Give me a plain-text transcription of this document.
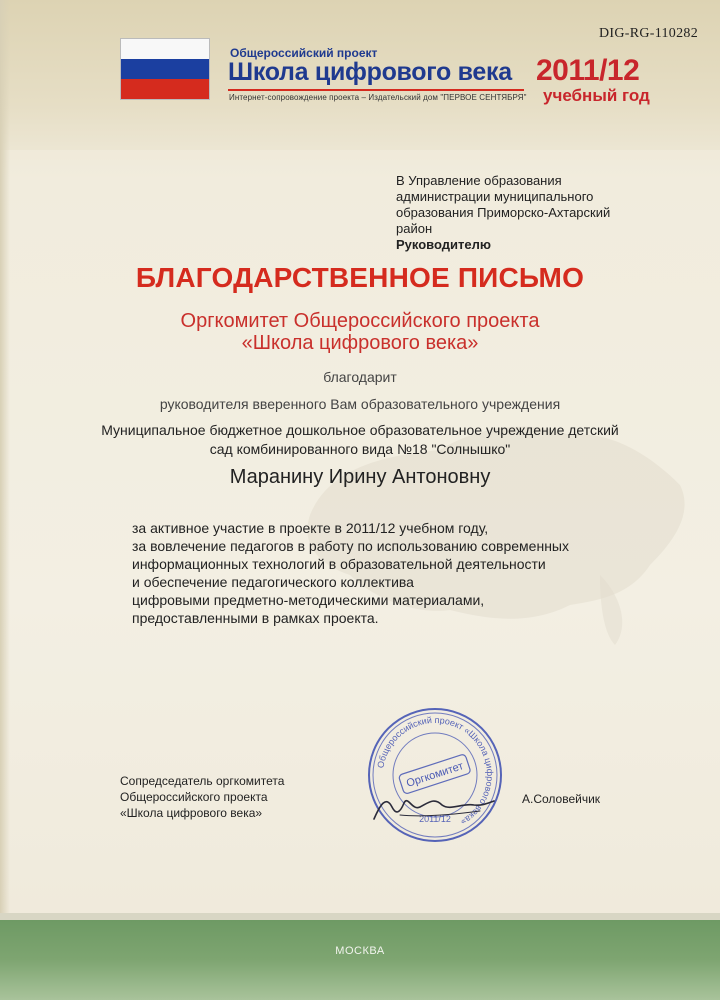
DIG-RG-110282
Общероссийский проект
Школа цифрового века
Интернет-сопровождение проекта – Издательский дом "ПЕРВОЕ СЕНТЯБРЯ"
2011/12
учебный год
В Управление образования
администрации муниципального
образования Приморско-Ахтарский
район
Руководителю
БЛАГОДАРСТВЕННОЕ ПИСЬМО
Оргкомитет Общероссийского проекта
«Школа цифрового века»
благодарит
руководителя вверенного Вам образовательного учреждения
Муниципальное бюджетное дошкольное образовательное учреждение детский
сад комбинированного вида №18 "Солнышко"
Маранину Ирину Антоновну
за активное участие в проекте в 2011/12 учебном году,
за вовлечение педагогов в работу по использованию современных
информационных технологий в образовательной деятельности
и обеспечение педагогического коллектива
цифровыми предметно-методическими материалами,
предоставленными в рамках проекта.
Сопредседатель оргкомитета
Общероссийского проекта
«Школа цифрового века»
Общероссийский проект «Школа цифрового века»
Оргкомитет
2011/12
А.Соловейчик
МОСКВА
